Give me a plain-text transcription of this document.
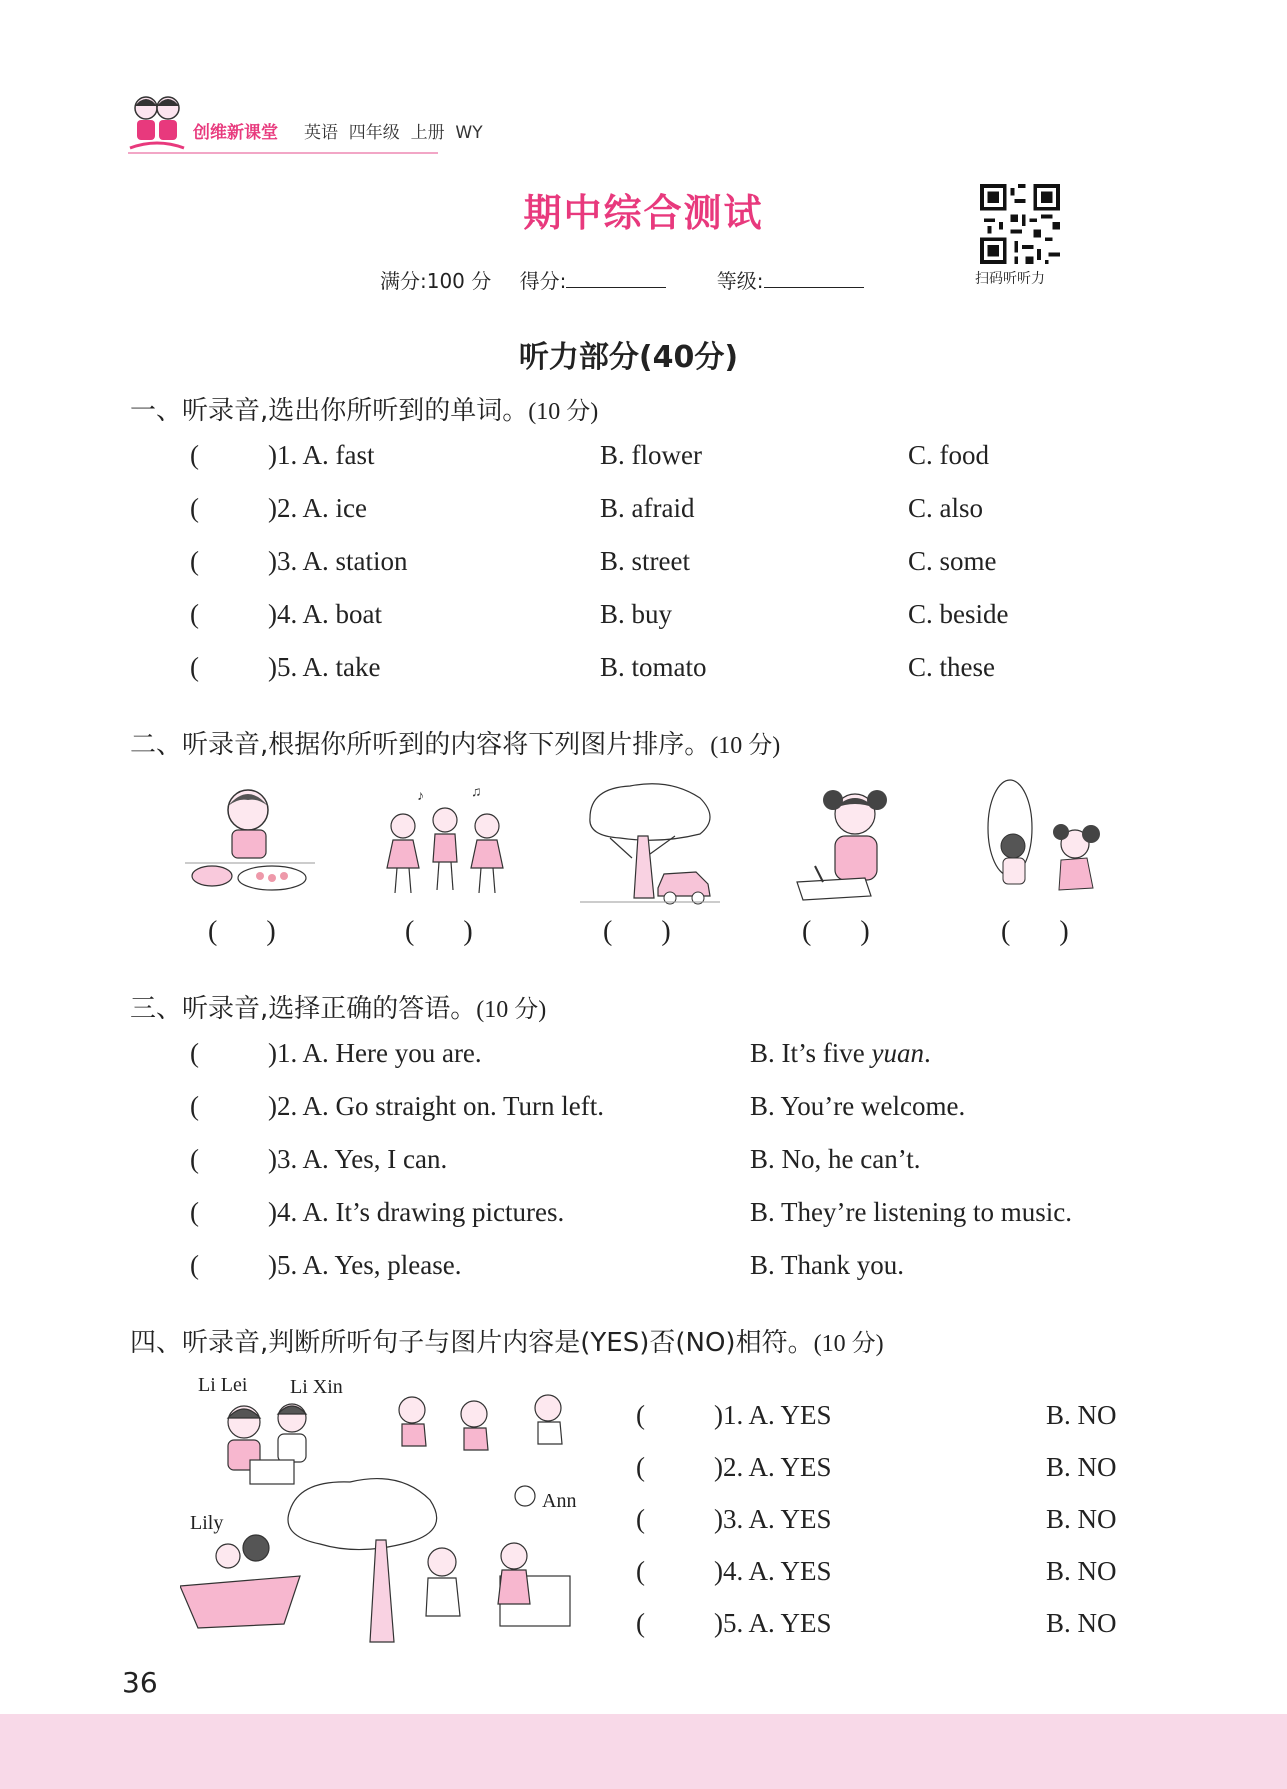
创维新课堂 英语  四年级  上册  WY
期中综合测试
扫码听听力
满分:100 分 得分:	等级:
听力部分(40分)
一、听录音,选出你所听到的单词。(10 分)
(	)1. A. fast	B. flower	C. food
(	)2. A. ice	B. afraid	C. also
(	)3. A. station	B. street	C. some
(	)4. A. boat	B. buy	C. beside
(	)5. A. take	B. tomato	C. these
二、听录音,根据你所听到的内容将下列图片排序。(10 分)
♪	♫
(       )	(       )	(       )	(       )	(       )
三、听录音,选择正确的答语。(10 分)
(	)1. A. Here you are.	B. It’s five yuan.
(	)2. A. Go straight on. Turn left.	B. You’re welcome.
(	)3. A. Yes, I can.	B. No, he can’t.
(	)4. A. It’s drawing pictures.	B. They’re listening to music.
(	)5. A. Yes, please.	B. Thank you.
四、听录音,判断所听句子与图片内容是(YES)否(NO)相符。(10 分)
Li Lei Li Xin
Lily
Ann
(	)1. A. YES	B. NO
(	)2. A. YES	B. NO
(	)3. A. YES	B. NO
(	)4. A. YES	B. NO
(	)5. A. YES	B. NO
36
